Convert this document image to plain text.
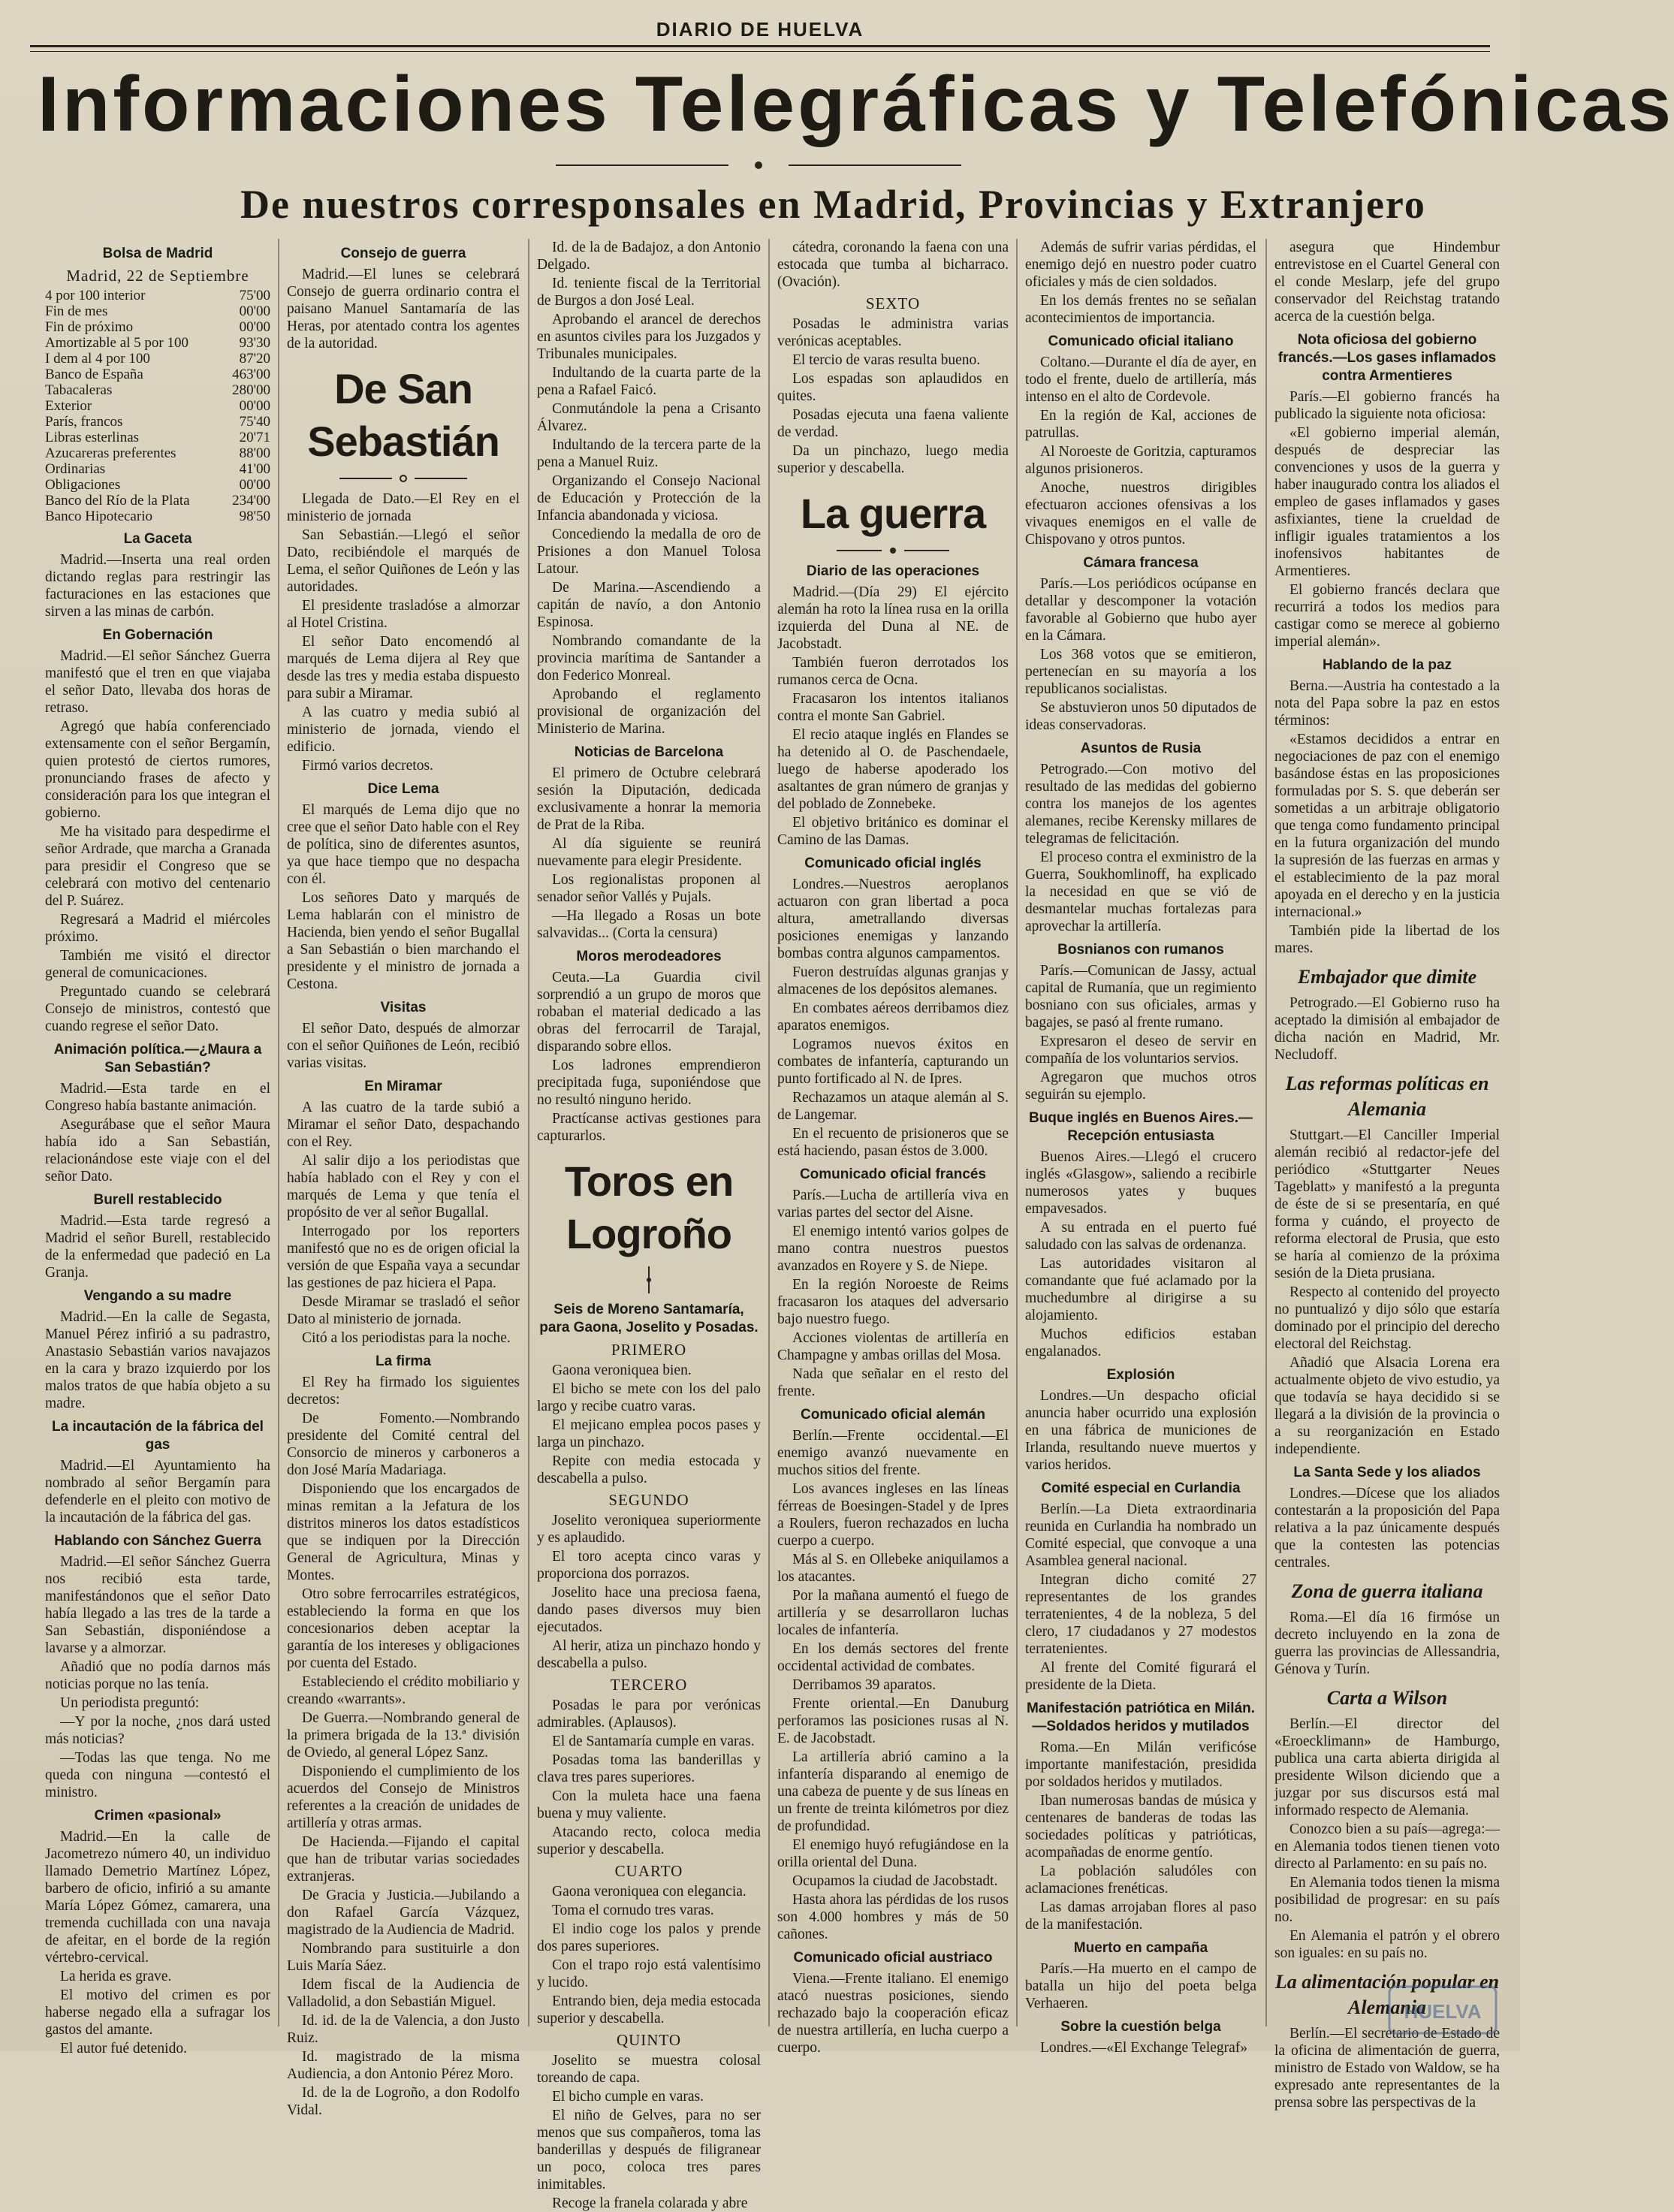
DIARIO DE HUELVA
Informaciones Telegráficas y Telefónicas
De nuestros corresponsales en Madrid, Provincias y Extranjero
Bolsa de Madrid
Madrid, 22 de Septiembre
4 por 100 interior	75'00
Fin de mes	00'00
Fin de próximo	00'00
Amortizable al 5 por 100	93'30
I dem al 4 por 100	87'20
Banco de España	463'00
Tabacaleras	280'00
Exterior	00'00
París, francos	75'40
Libras esterlinas	20'71
Azucareras preferentes	88'00
Ordinarias	41'00
Obligaciones	00'00
Banco del Río de la Plata	234'00
Banco Hipotecario	98'50
La Gaceta

Madrid.—Inserta una real orden dictando reglas para restringir las facturaciones en las estaciones que sirven a las minas de carbón.

En Gobernación

Madrid.—El señor Sánchez Guerra manifestó que el tren en que viajaba el señor Dato, llevaba dos horas de retraso.

Agregó que había conferenciado extensamente con el señor Bergamín, quien protestó de ciertos rumores, pronunciando frases de afecto y consideración para los que integran el gobierno.

Me ha visitado para despedirme el señor Ardrade, que marcha a Granada para presidir el Congreso que se celebrará con motivo del centenario del P. Suárez.

Regresará a Madrid el miércoles próximo.

También me visitó el director general de comunicaciones.

Preguntado cuando se celebrará Consejo de ministros, contestó que cuando regrese el señor Dato.

Animación política.—¿Maura a San Sebastián?

Madrid.—Esta tarde en el Congreso había bastante animación.

Asegurábase que el señor Maura había ido a San Sebastián, relacionándose este viaje con el del señor Dato.

Burell restablecido

Madrid.—Esta tarde regresó a Madrid el señor Burell, restablecido de la enfermedad que padeció en La Granja.

Vengando a su madre

Madrid.—En la calle de Segasta, Manuel Pérez infirió a su padrastro, Anastasio Sebastián varios navajazos en la cara y brazo izquierdo por los malos tratos de que había objeto a su madre.

La incautación de la fábrica del gas

Madrid.—El Ayuntamiento ha nombrado al señor Bergamín para defenderle en el pleito con motivo de la incautación de la fábrica del gas.

Hablando con Sánchez Guerra

Madrid.—El señor Sánchez Guerra nos recibió esta tarde, manifestándonos que el señor Dato había llegado a las tres de la tarde a San Sebastián, disponiéndose a lavarse y a almorzar.

Añadió que no podía darnos más noticias porque no las tenía.

Un periodista preguntó:

—Y por la noche, ¿nos dará usted más noticias?

—Todas las que tenga. No me queda con ninguna —contestó el ministro.

Crimen «pasional»

Madrid.—En la calle de Jacometrezo número 40, un individuo llamado Demetrio Martínez López, barbero de oficio, infirió a su amante María López Gómez, camarera, una tremenda cuchillada con una navaja de afeitar, en el borde de la región vértebro-cervical.

La herida es grave.

El motivo del crimen es por haberse negado ella a sufragar los gastos del amante.

El autor fué detenido.

Consejo de guerra

Madrid.—El lunes se celebrará Consejo de guerra ordinario contra el paisano Manuel Santamaría de las Heras, por atentado contra los agentes de la autoridad.

De San Sebastián

Llegada de Dato.—El Rey en el ministerio de jornada

San Sebastián.—Llegó el señor Dato, recibiéndole el marqués de Lema, el señor Quiñones de León y las autoridades.

El presidente trasladóse a almorzar al Hotel Cristina.

El señor Dato encomendó al marqués de Lema dijera al Rey que desde las tres y media estaba dispuesto para subir a Miramar.

A las cuatro y media subió al ministerio de jornada, viendo el edificio.

Firmó varios decretos.

Dice Lema

El marqués de Lema dijo que no cree que el señor Dato hable con el Rey de política, sino de diferentes asuntos, ya que hace tiempo que no despacha con él.

Los señores Dato y marqués de Lema hablarán con el ministro de Hacienda, bien yendo el señor Bugallal a San Sebastián o bien marchando el presidente y el ministro de jornada a Cestona.

Visitas

El señor Dato, después de almorzar con el señor Quiñones de León, recibió varias visitas.

En Miramar

A las cuatro de la tarde subió a Miramar el señor Dato, despachando con el Rey.

Al salir dijo a los periodistas que había hablado con el Rey y con el marqués de Lema y que tenía el propósito de ver al señor Bugallal.

Interrogado por los reporters manifestó que no es de origen oficial la versión de que España vaya a secundar las gestiones de paz hiciera el Papa.

Desde Miramar se trasladó el señor Dato al ministerio de jornada.

Citó a los periodistas para la noche.

La firma

El Rey ha firmado los siguientes decretos:

De Fomento.—Nombrando presidente del Comité central del Consorcio de mineros y carboneros a don José María Madariaga.

Disponiendo que los encargados de minas remitan a la Jefatura de los distritos mineros los datos estadísticos que se indiquen por la Dirección General de Agricultura, Minas y Montes.

Otro sobre ferrocarriles estratégicos, estableciendo la forma en que los concesionarios deben aceptar la garantía de los intereses y obligaciones por cuenta del Estado.

Estableciendo el crédito mobiliario y creando «warrants».

De Guerra.—Nombrando general de la primera brigada de la 13.ª división de Oviedo, al general López Sanz.

Disponiendo el cumplimiento de los acuerdos del Consejo de Ministros referentes a la creación de unidades de artillería y otras armas.

De Hacienda.—Fijando el capital que han de tributar varias sociedades extranjeras.

De Gracia y Justicia.—Jubilando a don Rafael García Vázquez, magistrado de la Audiencia de Madrid.

Nombrando para sustituirle a don Luis María Sáez.

Idem fiscal de la Audiencia de Valladolid, a don Sebastián Miguel.

Id. id. de la de Valencia, a don Justo Ruiz.

Id. magistrado de la misma Audiencia, a don Antonio Pérez Moro.

Id. de la de Logroño, a don Rodolfo Vidal.

Id. de la de Badajoz, a don Antonio Delgado.

Id. teniente fiscal de la Territorial de Burgos a don José Leal.

Aprobando el arancel de derechos en asuntos civiles para los Juzgados y Tribunales municipales.

Indultando de la cuarta parte de la pena a Rafael Faicó.

Conmutándole la pena a Crisanto Álvarez.

Indultando de la tercera parte de la pena a Manuel Ruiz.

Organizando el Consejo Nacional de Educación y Protección de la Infancia abandonada y viciosa.

Concediendo la medalla de oro de Prisiones a don Manuel Tolosa Latour.

De Marina.—Ascendiendo a capitán de navío, a don Antonio Espinosa.

Nombrando comandante de la provincia marítima de Santander a don Federico Monreal.

Aprobando el reglamento provisional de organización del Ministerio de Marina.

Noticias de Barcelona

El primero de Octubre celebrará sesión la Diputación, dedicada exclusivamente a honrar la memoria de Prat de la Riba.

Al día siguiente se reunirá nuevamente para elegir Presidente.

Los regionalistas proponen al senador señor Vallés y Pujals.

—Ha llegado a Rosas un bote salvavidas... (Corta la censura)

Moros merodeadores

Ceuta.—La Guardia civil sorprendió a un grupo de moros que robaban el material dedicado a las obras del ferrocarril de Tarajal, disparando sobre ellos.

Los ladrones emprendieron precipitada fuga, suponiéndose que no resultó ninguno herido.

Practícanse activas gestiones para capturarlos.

Toros en Logroño
Seis de Moreno Santamaría, para Gaona, Joselito y Posadas.
PRIMERO

Gaona veroniquea bien.

El bicho se mete con los del palo largo y recibe cuatro varas.

El mejicano emplea pocos pases y larga un pinchazo.

Repite con media estocada y descabella a pulso.

SEGUNDO

Joselito veroniquea superiormente y es aplaudido.

El toro acepta cinco varas y proporciona dos porrazos.

Joselito hace una preciosa faena, dando pases diversos muy bien ejecutados.

Al herir, atiza un pinchazo hondo y descabella a pulso.

TERCERO

Posadas le para por verónicas admirables. (Aplausos).

El de Santamaría cumple en varas.

Posadas toma las banderillas y clava tres pares superiores.

Con la muleta hace una faena buena y muy valiente.

Atacando recto, coloca media superior y descabella.

CUARTO

Gaona veroniquea con elegancia.

Toma el cornudo tres varas.

El indio coge los palos y prende dos pares superiores.

Con el trapo rojo está valentísimo y lucido.

Entrando bien, deja media estocada superior y descabella.

QUINTO

Joselito se muestra colosal toreando de capa.

El bicho cumple en varas.

El niño de Gelves, para no ser menos que sus compañeros, toma las banderillas y después de filigranear un poco, coloca tres pares inimitables.

Recoge la franela colarada y abre

cátedra, coronando la faena con una estocada que tumba al bicharraco. (Ovación).

SEXTO

Posadas le administra varias verónicas aceptables.

El tercio de varas resulta bueno.

Los espadas son aplaudidos en quites.

Posadas ejecuta una faena valiente de verdad.

Da un pinchazo, luego media superior y descabella.

La guerra
Diario de las operaciones

Madrid.—(Día 29) El ejército alemán ha roto la línea rusa en la orilla izquierda del Duna al NE. de Jacobstadt.

También fueron derrotados los rumanos cerca de Ocna.

Fracasaron los intentos italianos contra el monte San Gabriel.

El recio ataque inglés en Flandes se ha detenido al O. de Paschendaele, luego de haberse apoderado los asaltantes de gran número de granjas y del poblado de Zonnebeke.

El objetivo británico es dominar el Camino de las Damas.

Comunicado oficial inglés

Londres.—Nuestros aeroplanos actuaron con gran libertad a poca altura, ametrallando diversas posiciones enemigas y lanzando bombas contra algunos campamentos.

Fueron destruídas algunas granjas y almacenes de los depósitos alemanes.

En combates aéreos derribamos diez aparatos enemigos.

Logramos nuevos éxitos en combates de infantería, capturando un punto fortificado al N. de Ipres.

Rechazamos un ataque alemán al S. de Langemar.

En el recuento de prisioneros que se está haciendo, pasan éstos de 3.000.

Comunicado oficial francés

París.—Lucha de artillería viva en varias partes del sector del Aisne.

El enemigo intentó varios golpes de mano contra nuestros puestos avanzados en Royere y S. de Niepe.

En la región Noroeste de Reims fracasaron los ataques del adversario bajo nuestro fuego.

Acciones violentas de artillería en Champagne y ambas orillas del Mosa.

Nada que señalar en el resto del frente.

Comunicado oficial alemán

Berlín.—Frente occidental.—El enemigo avanzó nuevamente en muchos sitios del frente.

Los avances ingleses en las líneas férreas de Boesingen-Stadel y de Ipres a Roulers, fueron rechazados en lucha cuerpo a cuerpo.

Más al S. en Ollebeke aniquilamos a los atacantes.

Por la mañana aumentó el fuego de artillería y se desarrollaron luchas locales de infantería.

En los demás sectores del frente occidental actividad de combates.

Derribamos 39 aparatos.

Frente oriental.—En Danuburg perforamos las posiciones rusas al N. E. de Jacobstadt.

La artillería abrió camino a la infantería disparando al enemigo de una cabeza de puente y de sus líneas en un frente de treinta kilómetros por diez de profundidad.

El enemigo huyó refugiándose en la orilla oriental del Duna.

Ocupamos la ciudad de Jacobstadt.

Hasta ahora las pérdidas de los rusos son 4.000 hombres y más de 50 cañones.

Comunicado oficial austriaco

Viena.—Frente italiano. El enemigo atacó nuestras posiciones, siendo rechazado bajo la cooperación eficaz de nuestra artillería, en lucha cuerpo a cuerpo.

Además de sufrir varias pérdidas, el enemigo dejó en nuestro poder cuatro oficiales y más de cien soldados.

En los demás frentes no se señalan acontecimientos de importancia.

Comunicado oficial italiano

Coltano.—Durante el día de ayer, en todo el frente, duelo de artillería, más intenso en el alto de Cordevole.

En la región de Kal, acciones de patrullas.

Al Noroeste de Goritzia, capturamos algunos prisioneros.

Anoche, nuestros dirigibles efectuaron acciones ofensivas a los vivaques enemigos en el valle de Chispovano y otros puntos.

Cámara francesa

París.—Los periódicos ocúpanse en detallar y descomponer la votación favorable al Gobierno que hubo ayer en la Cámara.

Los 368 votos que se emitieron, pertenecían en su mayoría a los republicanos socialistas.

Se abstuvieron unos 50 diputados de ideas conservadoras.

Asuntos de Rusia

Petrogrado.—Con motivo del resultado de las medidas del gobierno contra los manejos de los agentes alemanes, recibe Kerensky millares de telegramas de felicitación.

El proceso contra el exministro de la Guerra, Soukhomlinoff, ha explicado la necesidad en que se vió de desmantelar muchas fortalezas para aprovechar la artillería.

Bosnianos con rumanos

París.—Comunican de Jassy, actual capital de Rumanía, que un regimiento bosniano con sus oficiales, armas y bagajes, se pasó al frente rumano.

Expresaron el deseo de servir en compañía de los voluntarios servios.

Agregaron que muchos otros seguirán su ejemplo.

Buque inglés en Buenos Aires.—Recepción entusiasta

Buenos Aires.—Llegó el crucero inglés «Glasgow», saliendo a recibirle numerosos yates y buques empavesados.

A su entrada en el puerto fué saludado con las salvas de ordenanza.

Las autoridades visitaron al comandante que fué aclamado por la muchedumbre al dirigirse a su alojamiento.

Muchos edificios estaban engalanados.

Explosión

Londres.—Un despacho oficial anuncia haber ocurrido una explosión en una fábrica de municiones de Irlanda, resultando nueve muertos y varios heridos.

Comité especial en Curlandia

Berlín.—La Dieta extraordinaria reunida en Curlandia ha nombrado un Comité especial, que convoque a una Asamblea general nacional.

Integran dicho comité 27 representantes de los grandes terratenientes, 4 de la nobleza, 5 del clero, 17 ciudadanos y 27 modestos terratenientes.

Al frente del Comité figurará el presidente de la Dieta.

Manifestación patriótica en Milán.—Soldados heridos y mutilados

Roma.—En Milán verificóse importante manifestación, presidida por soldados heridos y mutilados.

Iban numerosas bandas de música y centenares de banderas de todas las sociedades políticas y patrióticas, acompañadas de enorme gentío.

La población saludóles con aclamaciones frenéticas.

Las damas arrojaban flores al paso de la manifestación.

Muerto en campaña

París.—Ha muerto en el campo de batalla un hijo del poeta belga Verhaeren.

Sobre la cuestión belga

Londres.—«El Exchange Telegraf»

asegura que Hindembur entrevistose en el Cuartel General con el conde Meslarp, jefe del grupo conservador del Reichstag tratando acerca de la cuestión belga.

Nota oficiosa del gobierno francés.—Los gases inflamados contra Armentieres

París.—El gobierno francés ha publicado la siguiente nota oficiosa:

«El gobierno imperial alemán, después de despreciar las convenciones y usos de la guerra y haber inaugurado contra los aliados el empleo de gases inflamados y gases asfixiantes, tiene la crueldad de infligir iguales tratamientos a los inofensivos habitantes de Armentieres.

El gobierno francés declara que recurrirá a todos los medios para castigar como se merece al gobierno imperial alemán».

Hablando de la paz

Berna.—Austria ha contestado a la nota del Papa sobre la paz en estos términos:

«Estamos decididos a entrar en negociaciones de paz con el enemigo basándose éstas en las proposiciones formuladas por S. S. que deberán ser sometidas a un arbitraje obligatorio que tenga como fundamento principal en la futura organización del mundo la supresión de las fuerzas en armas y el establecimiento de la paz moral apoyada en el derecho y en la justicia internacional.»

También pide la libertad de los mares.

Embajador que dimite

Petrogrado.—El Gobierno ruso ha aceptado la dimisión al embajador de dicha nación en Madrid, Mr. Necludoff.

Las reformas políticas en Alemania

Stuttgart.—El Canciller Imperial alemán recibió al redactor-jefe del periódico «Stuttgarter Neues Tageblatt» y manifestó a la pregunta de éste de si se presentaría, en qué forma y cuándo, el proyecto de reforma electoral de Prusia, que esto se haría al comienzo de la próxima sesión de la Dieta prusiana.

Respecto al contenido del proyecto no puntualizó y dijo sólo que estaría dominado por el principio del derecho electoral del Reichstag.

Añadió que Alsacia Lorena era actualmente objeto de vivo estudio, ya que todavía se haya decidido si se llegará a la división de la provincia o a su reorganización en Estado independiente.

La Santa Sede y los aliados

Londres.—Dícese que los aliados contestarán a la proposición del Papa relativa a la paz únicamente después que la contesten las potencias centrales.

Zona de guerra italiana

Roma.—El día 16 firmóse un decreto incluyendo en la zona de guerra las provincias de Allessandria, Génova y Turín.

Carta a Wilson

Berlín.—El director del «Eroecklimann» de Hamburgo, publica una carta abierta dirigida al presidente Wilson diciendo que a juzgar por sus discursos está mal informado respecto de Alemania.

Conozco bien a su país—agrega:—en Alemania todos tienen tienen voto directo al Parlamento: en su país no.

En Alemania todos tienen la misma posibilidad de progresar: en su país no.

En Alemania el patrón y el obrero son iguales: en su país no.

La alimentación popular en Alemania

Berlín.—El secretario de Estado de la oficina de alimentación de guerra, ministro de Estado von Waldow, se ha expresado ante representantes de la prensa sobre las perspectivas de la

HUELVA
